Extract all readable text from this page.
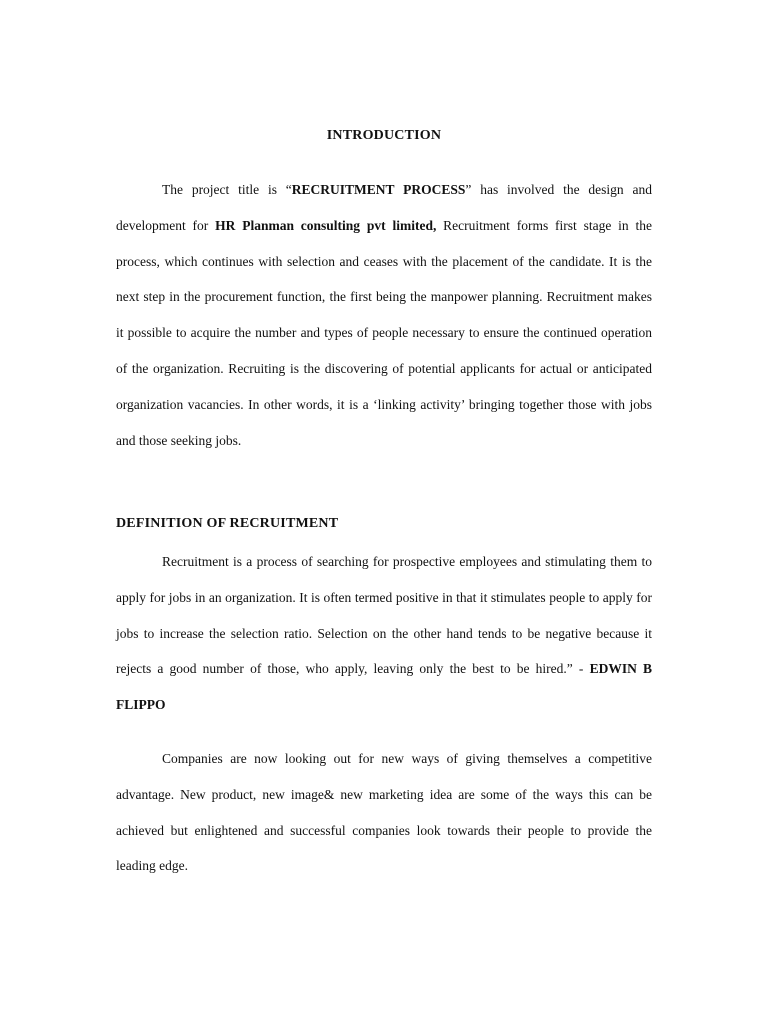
INTRODUCTION

The project title is “RECRUITMENT PROCESS” has involved the design and development for HR Planman consulting pvt limited, Recruitment forms first stage in the process, which continues with selection and ceases with the placement of the candidate. It is the next step in the procurement function, the first being the manpower planning. Recruitment makes it possible to acquire the number and types of people necessary to ensure the continued operation of the organization. Recruiting is the discovering of potential applicants for actual or anticipated organization vacancies. In other words, it is a ‘linking activity’ bringing together those with jobs and those seeking jobs.

DEFINITION OF RECRUITMENT

Recruitment is a process of searching for prospective employees and stimulating them to apply for jobs in an organization. It is often termed positive in that it stimulates people to apply for jobs to increase the selection ratio. Selection on the other hand tends to be negative because it rejects a good number of those, who apply, leaving only the best to be hired.” - EDWIN B FLIPPO

Companies are now looking out for new ways of giving themselves a competitive advantage. New product, new image& new marketing idea are some of the ways this can be achieved but enlightened and successful companies look towards their people to provide the leading edge.
